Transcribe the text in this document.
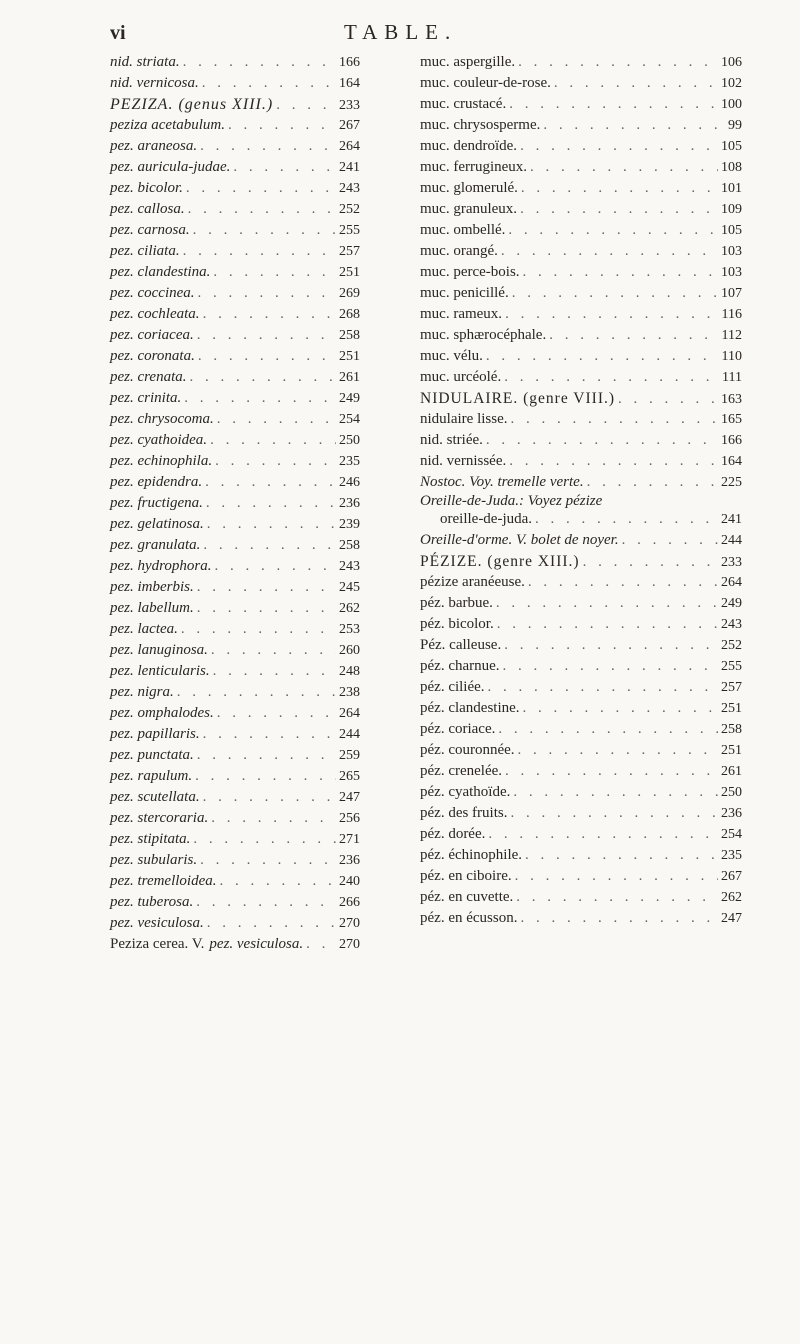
vi	TABLE.
nid. striata. . . .	166
nid. vernicosa. . . .	164
PEZIZA. (genus XIII.) . . .	233
peziza acetabulum. . . .	267
pez. araneosa. . . .	264
pez. auricula-judae. . . .	241
pez. bicolor. . . .	243
pez. callosa. . . .	252
pez. carnosa. . . .	255
pez. ciliata. . . .	257
pez. clandestina. . . .	251
pez. coccinea. . . .	269
pez. cochleata. . . .	268
pez. coriacea. . . .	258
pez. coronata. . . .	251
pez. crenata. . . .	261
pez. crinita. . . .	249
pez. chrysocoma. . . .	254
pez. cyathoidea. . . .	250
pez. echinophila. . . .	235
pez. epidendra. . . .	246
pez. fructigena. . . .	236
pez. gelatinosa. . . .	239
pez. granulata. . . .	258
pez. hydrophora. . . .	243
pez. imberbis. . . .	245
pez. labellum. . . .	262
pez. lactea. . . .	253
pez. lanuginosa. . . .	260
pez. lenticularis. . . .	248
pez. nigra. . . .	238
pez. omphalodes. . . .	264
pez. papillaris. . . .	244
pez. punctata. . . .	259
pez. rapulum. . . .	265
pez. scutellata. . . .	247
pez. stercoraria. . . .	256
pez. stipitata. . . .	271
pez. subularis. . . .	236
pez. tremelloidea. . . .	240
pez. tuberosa. . . .	266
pez. vesiculosa. . . .	270
Peziza cerea. V. pez. vesiculosa. . . .	270
muc. aspergille. . . .	106
muc. couleur-de-rose. . . .	102
muc. crustacé. . . .	100
muc. chrysosperme. . . .	99
muc. dendroïde. . . .	105
muc. ferrugineux. . . .	108
muc. glomerulé. . . .	101
muc. granuleux. . . .	109
muc. ombellé. . . .	105
muc. orangé. . . .	103
muc. perce-bois. . . .	103
muc. penicillé. . . .	107
muc. rameux. . . .	116
muc. sphærocéphale. . . .	112
muc. vélu. . . .	110
muc. urcéolé. . . .	111
NIDULAIRE. (genre VIII.) . . .	163
nidulaire lisse. . . .	165
nid. striée. . . .	166
nid. vernissée. . . .	164
Nostoc. Voy. tremelle verte. . . .	225
Oreille-de-Juda.: Voyez pézize
oreille-de-juda. . . .	241
Oreille-d'orme. V. bolet de noyer. . . .	244
PÉZIZE. (genre XIII.) . . .	233
pézize aranéeuse. . . .	264
péz. barbue. . . .	249
péz. bicolor. . . .	243
Péz. calleuse. . . .	252
péz. charnue. . . .	255
péz. ciliée. . . .	257
péz. clandestine. . . .	251
péz. coriace. . . .	258
péz. couronnée. . . .	251
péz. crenelée. . . .	261
péz. cyathoïde. . . .	250
péz. des fruits. . . .	236
péz. dorée. . . .	254
péz. échinophile. . . .	235
péz. en ciboire. . . .	267
péz. en cuvette. . . .	262
péz. en écusson. . . .	247
